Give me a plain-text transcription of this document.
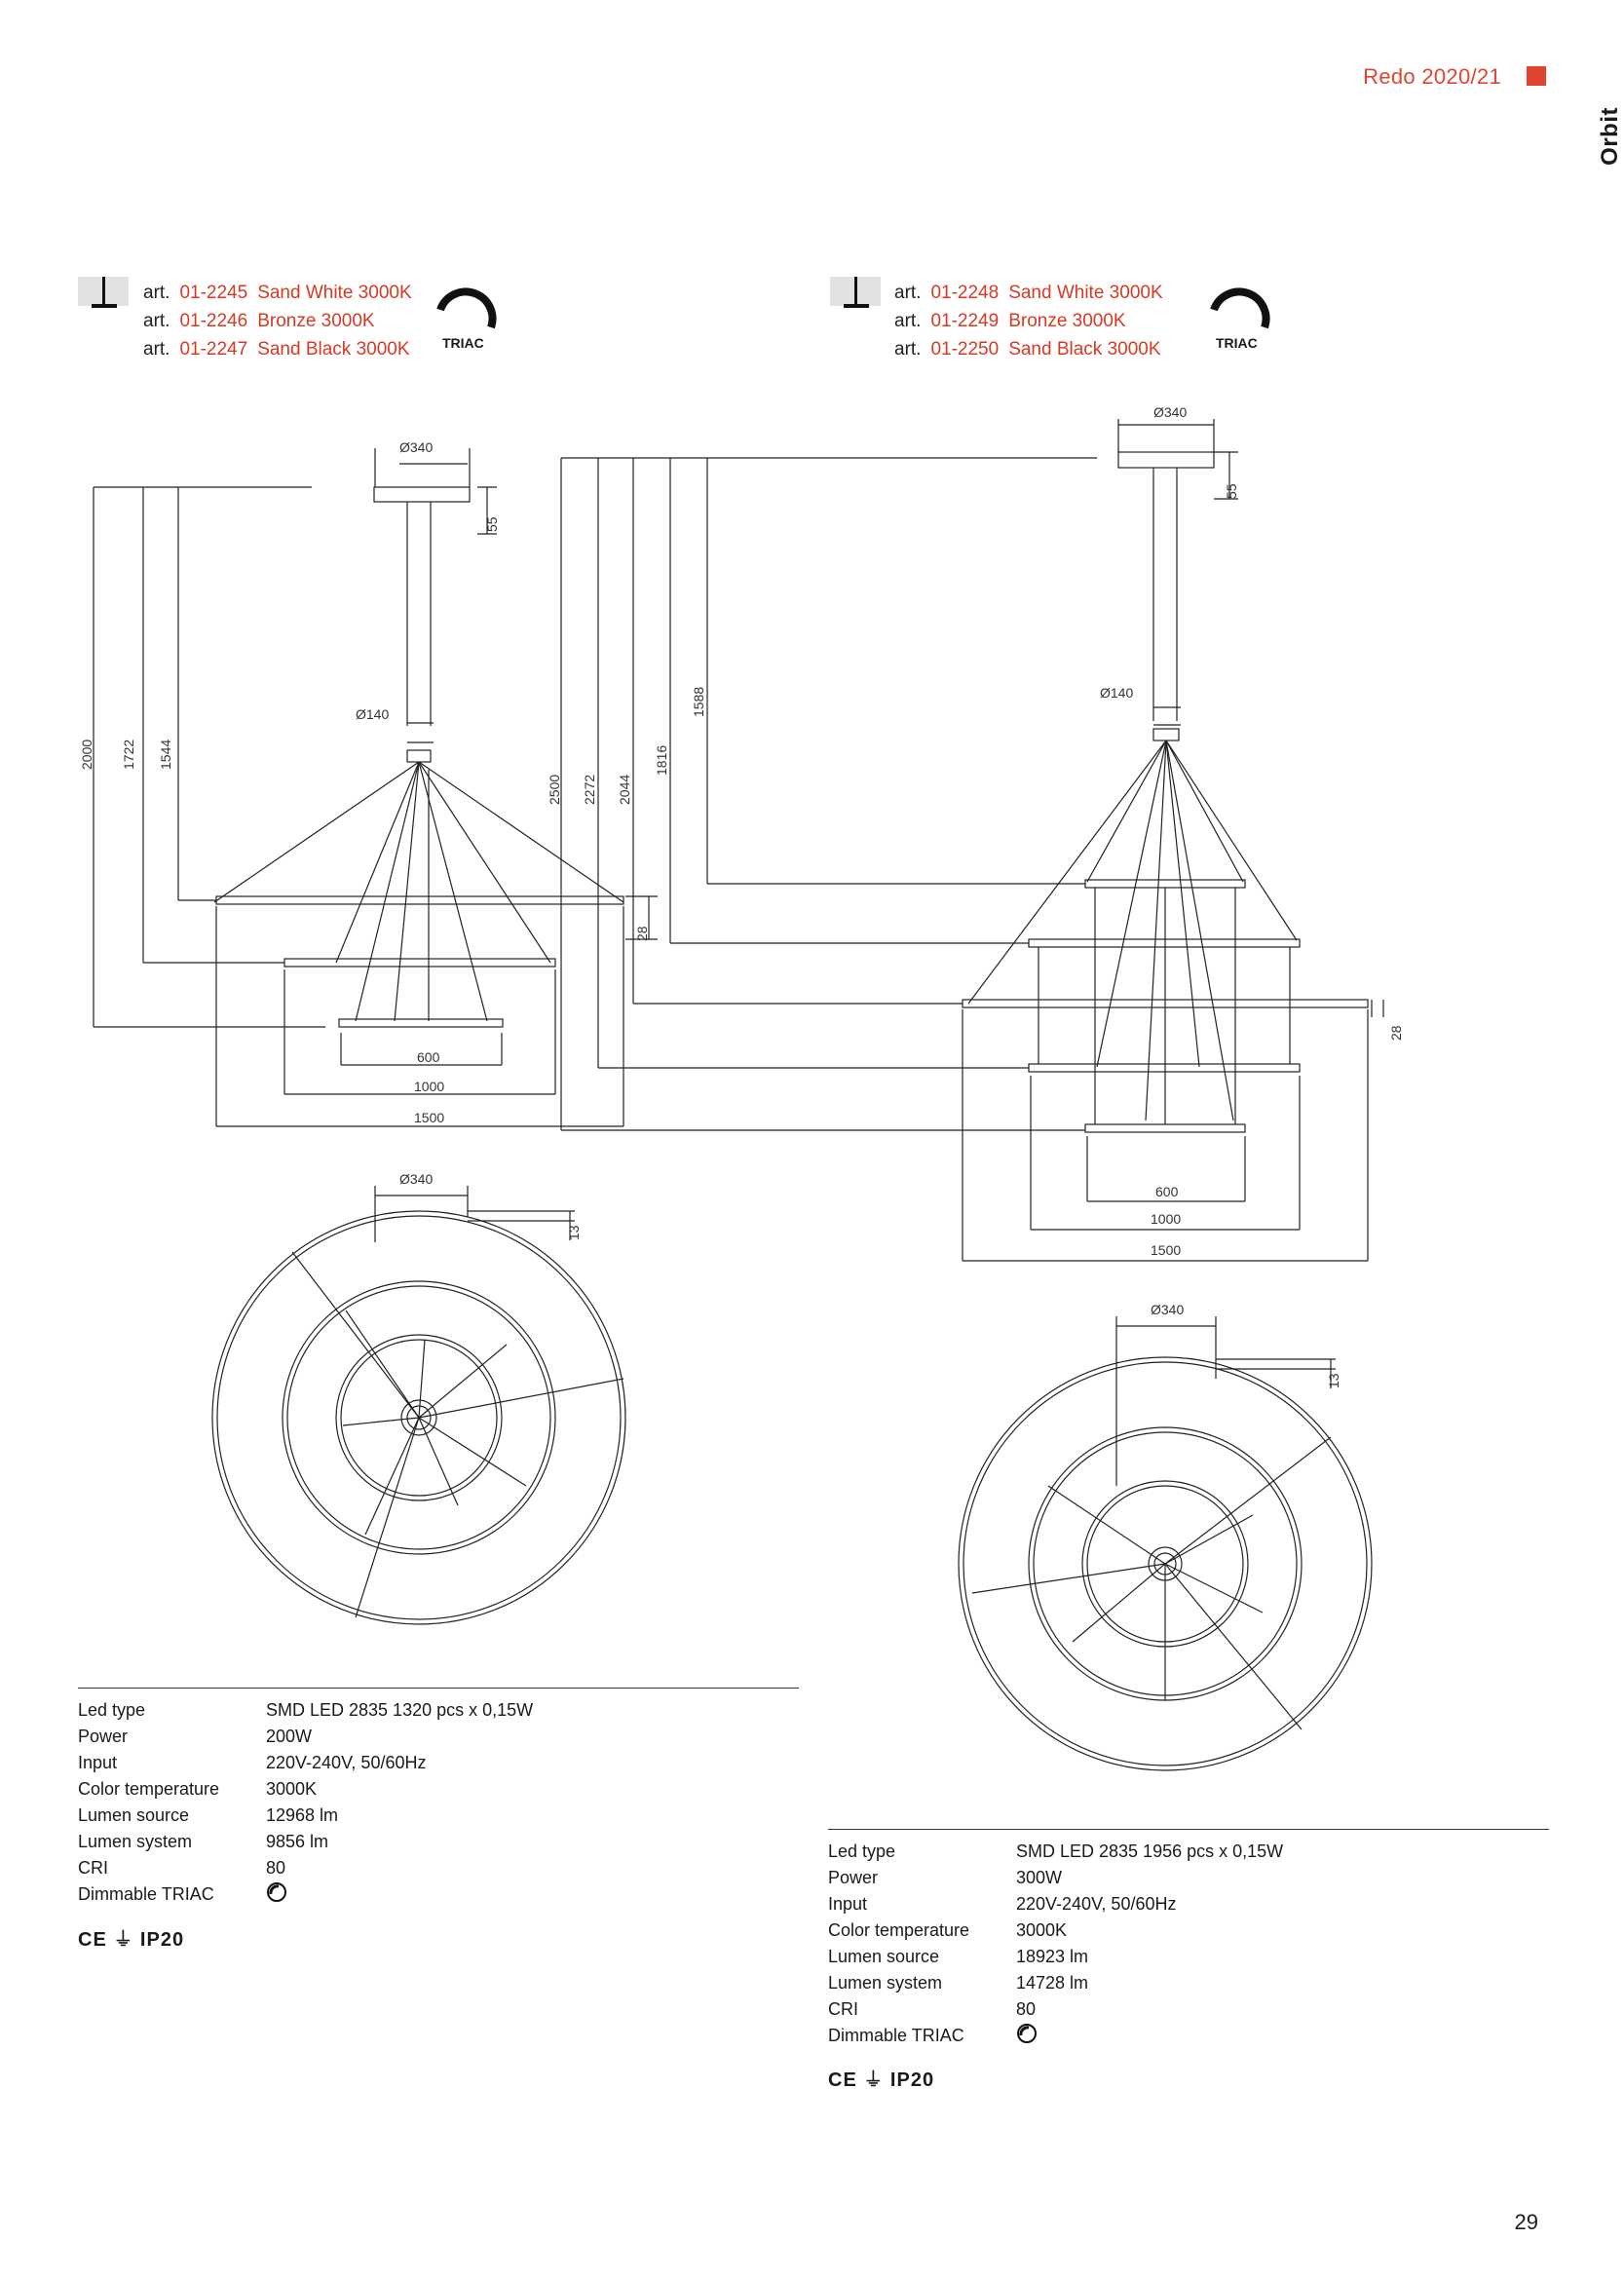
Redo 2020/21
Orbit
art. 01-2245 Sand White 3000K
art. 01-2246 Bronze 3000K
art. 01-2247 Sand Black 3000K TRIAC
art. 01-2248 Sand White 3000K
art. 01-2249 Bronze 3000K
art. 01-2250 Sand Black 3000K	TRIAC
Ø340
55
Ø140
2000 1722 1544
28
600
1000
1500
Ø340
13
Ø340
55
Ø140
2500 2272 2044
1816
1588
28
600
1000
1500
Ø340
13
Led type	SMD LED 2835 1320 pcs x 0,15W
Power	200W
Input	220V-240V, 50/60Hz
Color temperature	3000K
Lumen source	12968 lm
Lumen system	9856 lm
CRI	80
Dimmable TRIAC
CE ⏚ IP20
Led type	SMD LED 2835 1956 pcs x 0,15W
Power	300W
Input	220V-240V, 50/60Hz
Color temperature	3000K
Lumen source	18923 lm
Lumen system	14728 lm
CRI	80
Dimmable TRIAC
CE ⏚ IP20
29
